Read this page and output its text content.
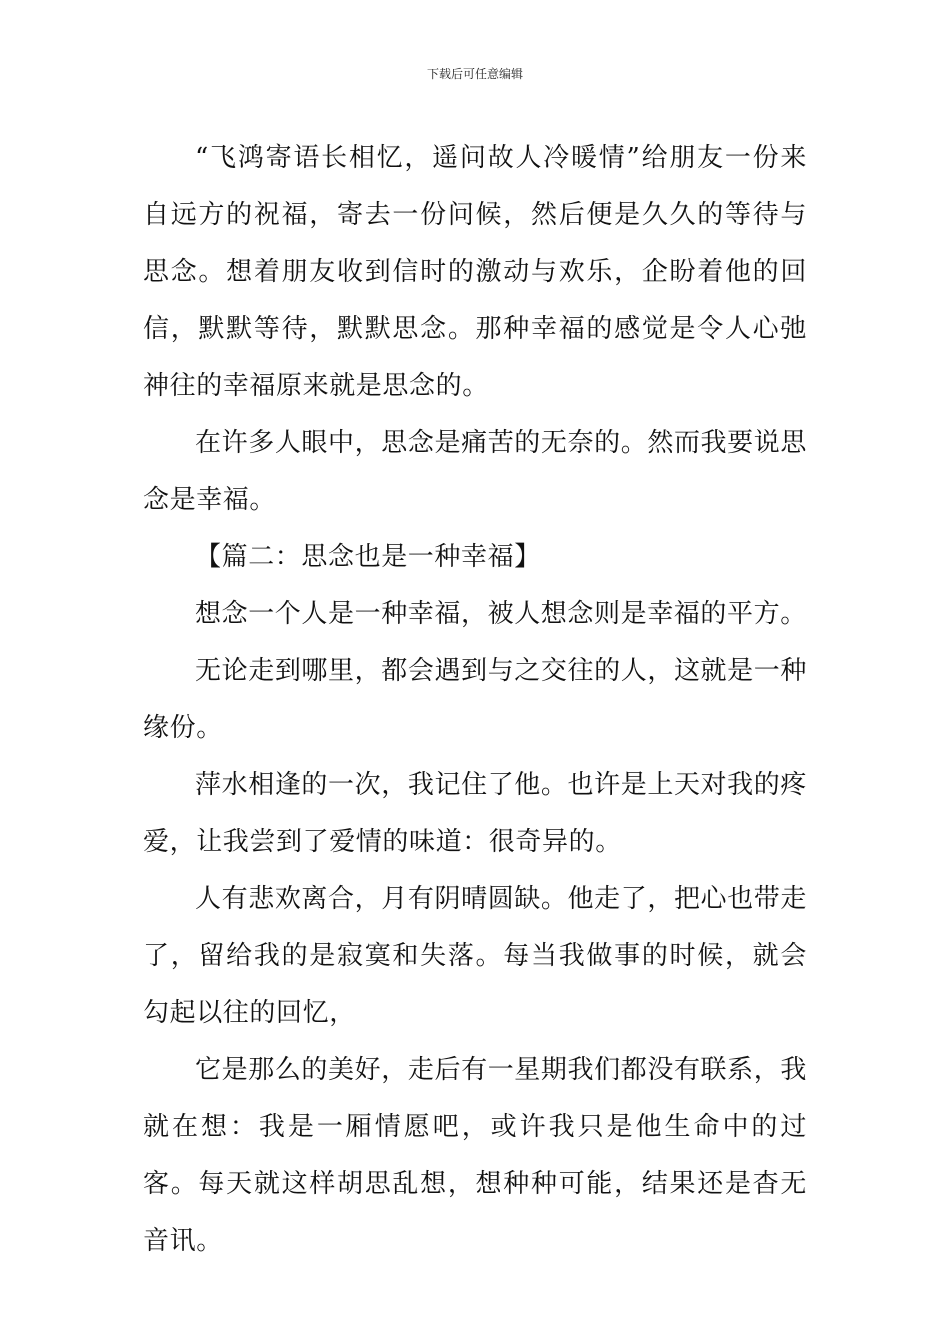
下载后可任意编辑

“飞鸿寄语长相忆，遥问故人冷暖情”给朋友一份来自远方的祝福，寄去一份问候，然后便是久久的等待与思念。想着朋友收到信时的激动与欢乐，企盼着他的回信，默默等待，默默思念。那种幸福的感觉是令人心弛神往的幸福原来就是思念的。

在许多人眼中，思念是痛苦的无奈的。然而我要说思念是幸福。

【篇二：思念也是一种幸福】

想念一个人是一种幸福，被人想念则是幸福的平方。

无论走到哪里，都会遇到与之交往的人，这就是一种缘份。

萍水相逢的一次，我记住了他。也许是上天对我的疼爱，让我尝到了爱情的味道：很奇异的。

人有悲欢离合，月有阴晴圆缺。他走了，把心也带走了，留给我的是寂寞和失落。每当我做事的时候，就会勾起以往的回忆，

它是那么的美好，走后有一星期我们都没有联系，我就在想：我是一厢情愿吧，或许我只是他生命中的过客。每天就这样胡思乱想，想种种可能，结果还是杳无音讯。
